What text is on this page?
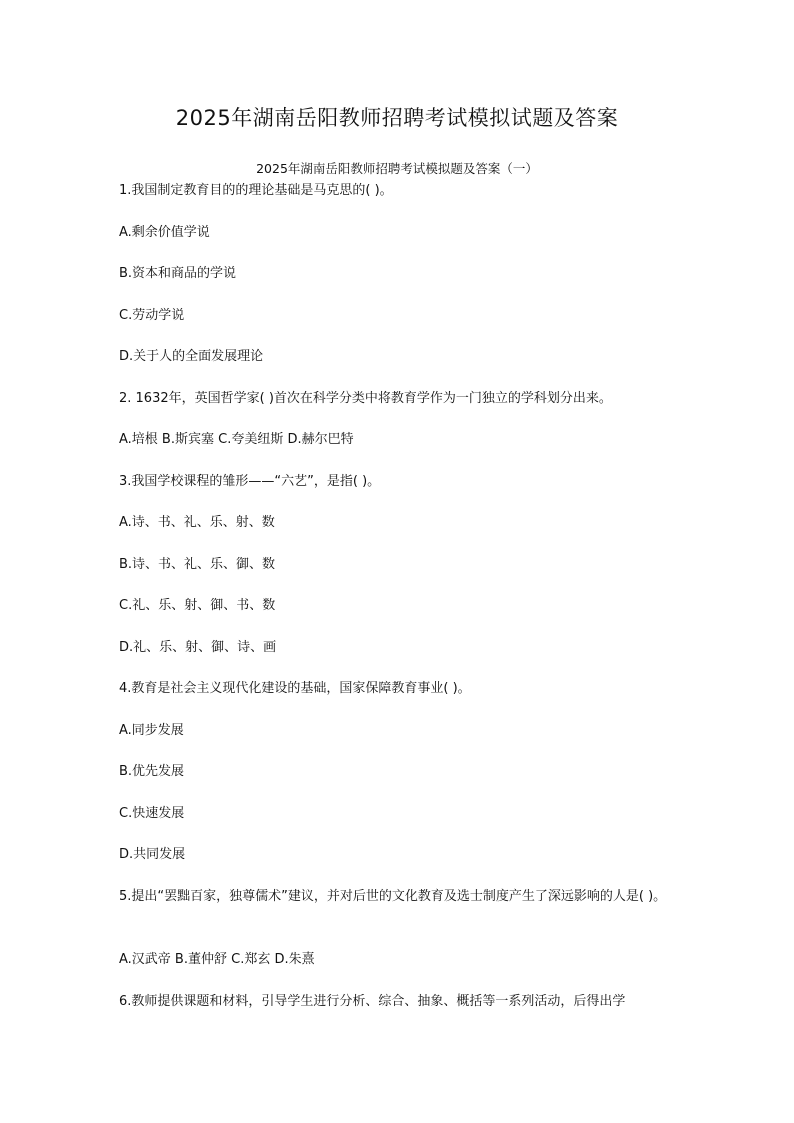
2025年湖南岳阳教师招聘考试模拟试题及答案

2025年湖南岳阳教师招聘考试模拟题及答案（一）

1.我国制定教育目的的理论基础是马克思的( )。

A.剩余价值学说

B.资本和商品的学说

C.劳动学说

D.关于人的全面发展理论

2. 1632年，英国哲学家( )首次在科学分类中将教育学作为一门独立的学科划分出来。

A.培根 B.斯宾塞 C.夸美纽斯 D.赫尔巴特

3.我国学校课程的雏形——“六艺”，是指( )。

A.诗、书、礼、乐、射、数

B.诗、书、礼、乐、御、数

C.礼、乐、射、御、书、数

D.礼、乐、射、御、诗、画

4.教育是社会主义现代化建设的基础，国家保障教育事业( )。

A.同步发展

B.优先发展

C.快速发展

D.共同发展

5.提出“罢黜百家，独尊儒术”建议，并对后世的文化教育及选士制度产生了深远影响的人是( )。

A.汉武帝 B.董仲舒 C.郑玄 D.朱熹

6.教师提供课题和材料，引导学生进行分析、综合、抽象、概括等一系列活动，后得出学
